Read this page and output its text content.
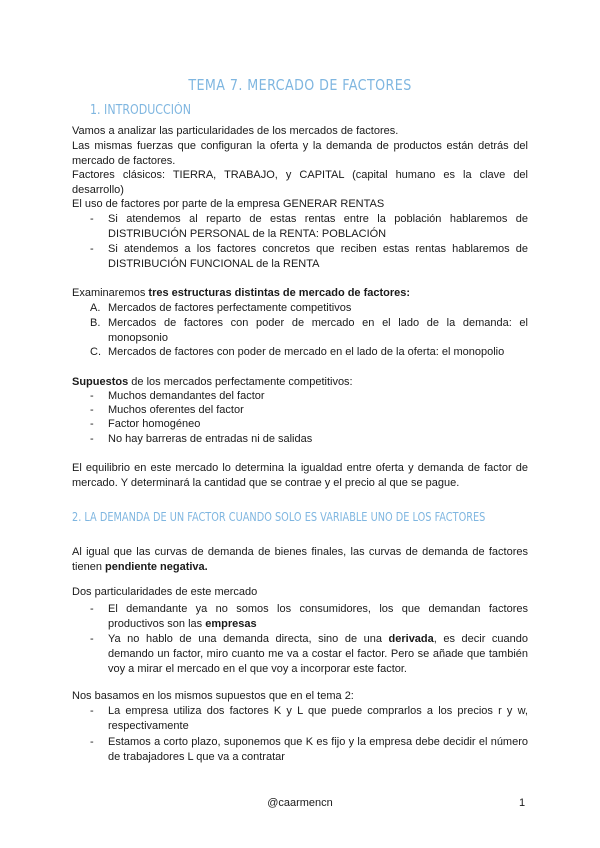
TEMA 7. MERCADO DE FACTORES
1. INTRODUCCIÓN

Vamos a analizar las particularidades de los mercados de factores.

Las mismas fuerzas que configuran la oferta y la demanda de productos están detrás del mercado de factores.

Factores clásicos: TIERRA, TRABAJO, y CAPITAL (capital humano es la clave del desarrollo)

El uso de factores por parte de la empresa GENERAR RENTAS

-	Si atendemos al reparto de estas rentas entre la población hablaremos de DISTRIBUCIÓN PERSONAL de la RENTA: POBLACIÓN
-	Si atendemos a los factores concretos que reciben estas rentas hablaremos de DISTRIBUCIÓN FUNCIONAL de la RENTA

Examinaremos tres estructuras distintas de mercado de factores:

A. Mercados de factores perfectamente competitivos
B. Mercados de factores con poder de mercado en el lado de la demanda: el monopsonio
C. Mercados de factores con poder de mercado en el lado de la oferta: el monopolio

Supuestos de los mercados perfectamente competitivos:

-	Muchos demandantes del factor
-	Muchos oferentes del factor
-	Factor homogéneo
-	No hay barreras de entradas ni de salidas

El equilibrio en este mercado lo determina la igualdad entre oferta y demanda de factor de mercado. Y determinará la cantidad que se contrae y el precio al que se pague.

2. LA DEMANDA DE UN FACTOR CUANDO SOLO ES VARIABLE UNO DE LOS FACTORES

Al igual que las curvas de demanda de bienes finales, las curvas de demanda de factores tienen pendiente negativa.

Dos particularidades de este mercado

-	El demandante ya no somos los consumidores, los que demandan factores productivos son las empresas
-	Ya no hablo de una demanda directa, sino de una derivada, es decir cuando demando un factor, miro cuanto me va a costar el factor. Pero se añade que también voy a mirar el mercado en el que voy a incorporar este factor.

Nos basamos en los mismos supuestos que en el tema 2:

-	La empresa utiliza dos factores K y L que puede comprarlos a los precios r y w, respectivamente
-	Estamos a corto plazo, suponemos que K es fijo y la empresa debe decidir el número de trabajadores L que va a contratar
@caarmencn	1
